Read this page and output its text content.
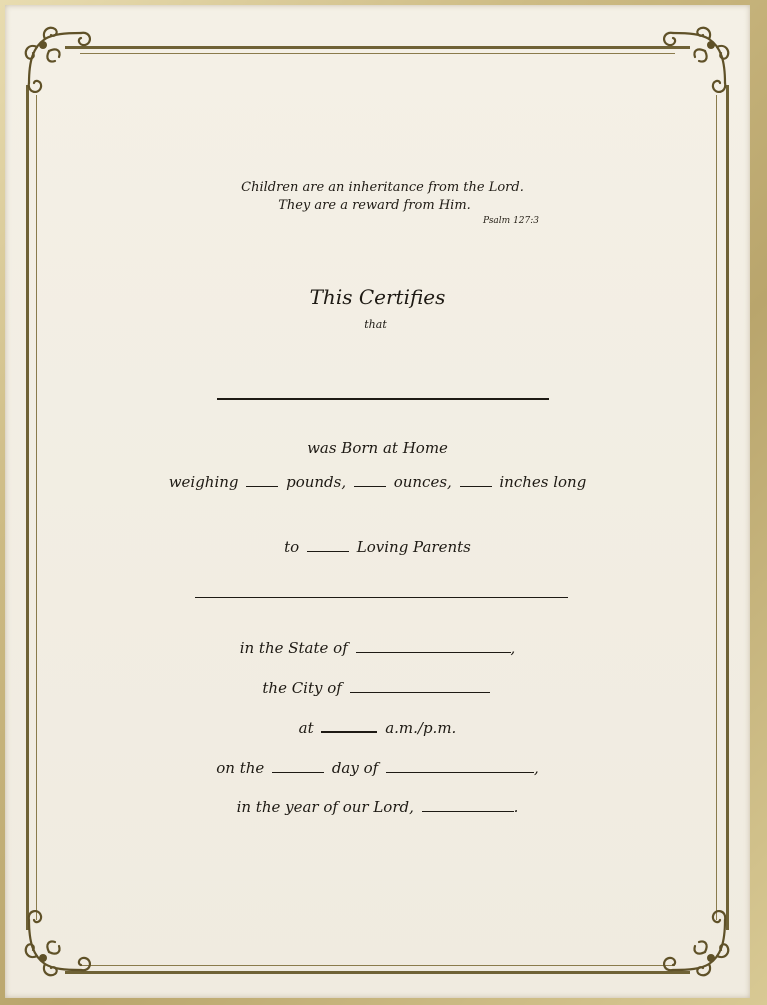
Children are an inheritance from the Lord.
They are a reward from Him.
Psalm 127:3
This Certifies
that
was Born at Home
weighing	pounds,	ounces,	inches long
to	Loving Parents
in the State of	,
the City of
at	a.m./p.m.
on the	day of	,
in the year of our Lord,	.
